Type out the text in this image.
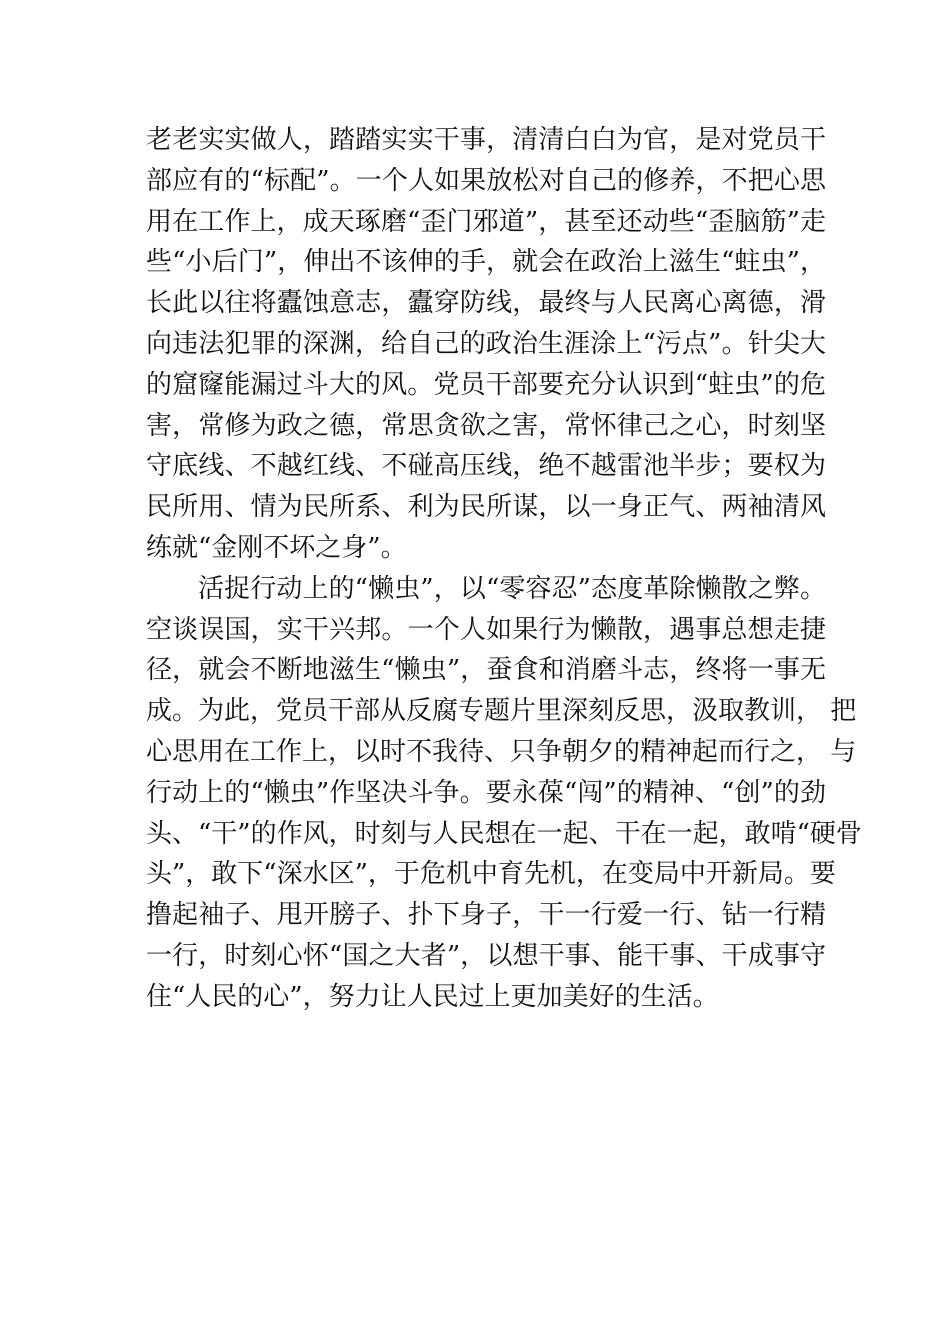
老老实实做人，踏踏实实干事，清清白白为官，是对党员干
部应有的“标配”。一个人如果放松对自己的修养，不把心思
用在工作上，成天琢磨“歪门邪道”，甚至还动些“歪脑筋”走
些“小后门”，伸出不该伸的手，就会在政治上滋生“蛀虫”，
长此以往将蠹蚀意志，蠹穿防线，最终与人民离心离德，滑
向违法犯罪的深渊，给自己的政治生涯涂上“污点”。针尖大
的窟窿能漏过斗大的风。党员干部要充分认识到“蛀虫”的危
害，常修为政之德，常思贪欲之害，常怀律己之心，时刻坚
守底线、不越红线、不碰高压线，绝不越雷池半步；要权为
民所用、情为民所系、利为民所谋，以一身正气、两袖清风
练就“金刚不坏之身”。
活捉行动上的“懒虫”，以“零容忍”态度革除懒散之弊。
空谈误国，实干兴邦。一个人如果行为懒散，遇事总想走捷
径，就会不断地滋生“懒虫”，蚕食和消磨斗志，终将一事无
成。为此，党员干部从反腐专题片里深刻反思，汲取教训， 把
心思用在工作上，以时不我待、只争朝夕的精神起而行之， 与
行动上的“懒虫”作坚决斗争。要永葆“闯”的精神、“创”的劲
头、“干”的作风，时刻与人民想在一起、干在一起，敢啃“硬骨
头”，敢下“深水区”，于危机中育先机，在变局中开新局。要
撸起袖子、甩开膀子、扑下身子，干一行爱一行、钻一行精
一行，时刻心怀“国之大者”，以想干事、能干事、干成事守
住“人民的心”，努力让人民过上更加美好的生活。
